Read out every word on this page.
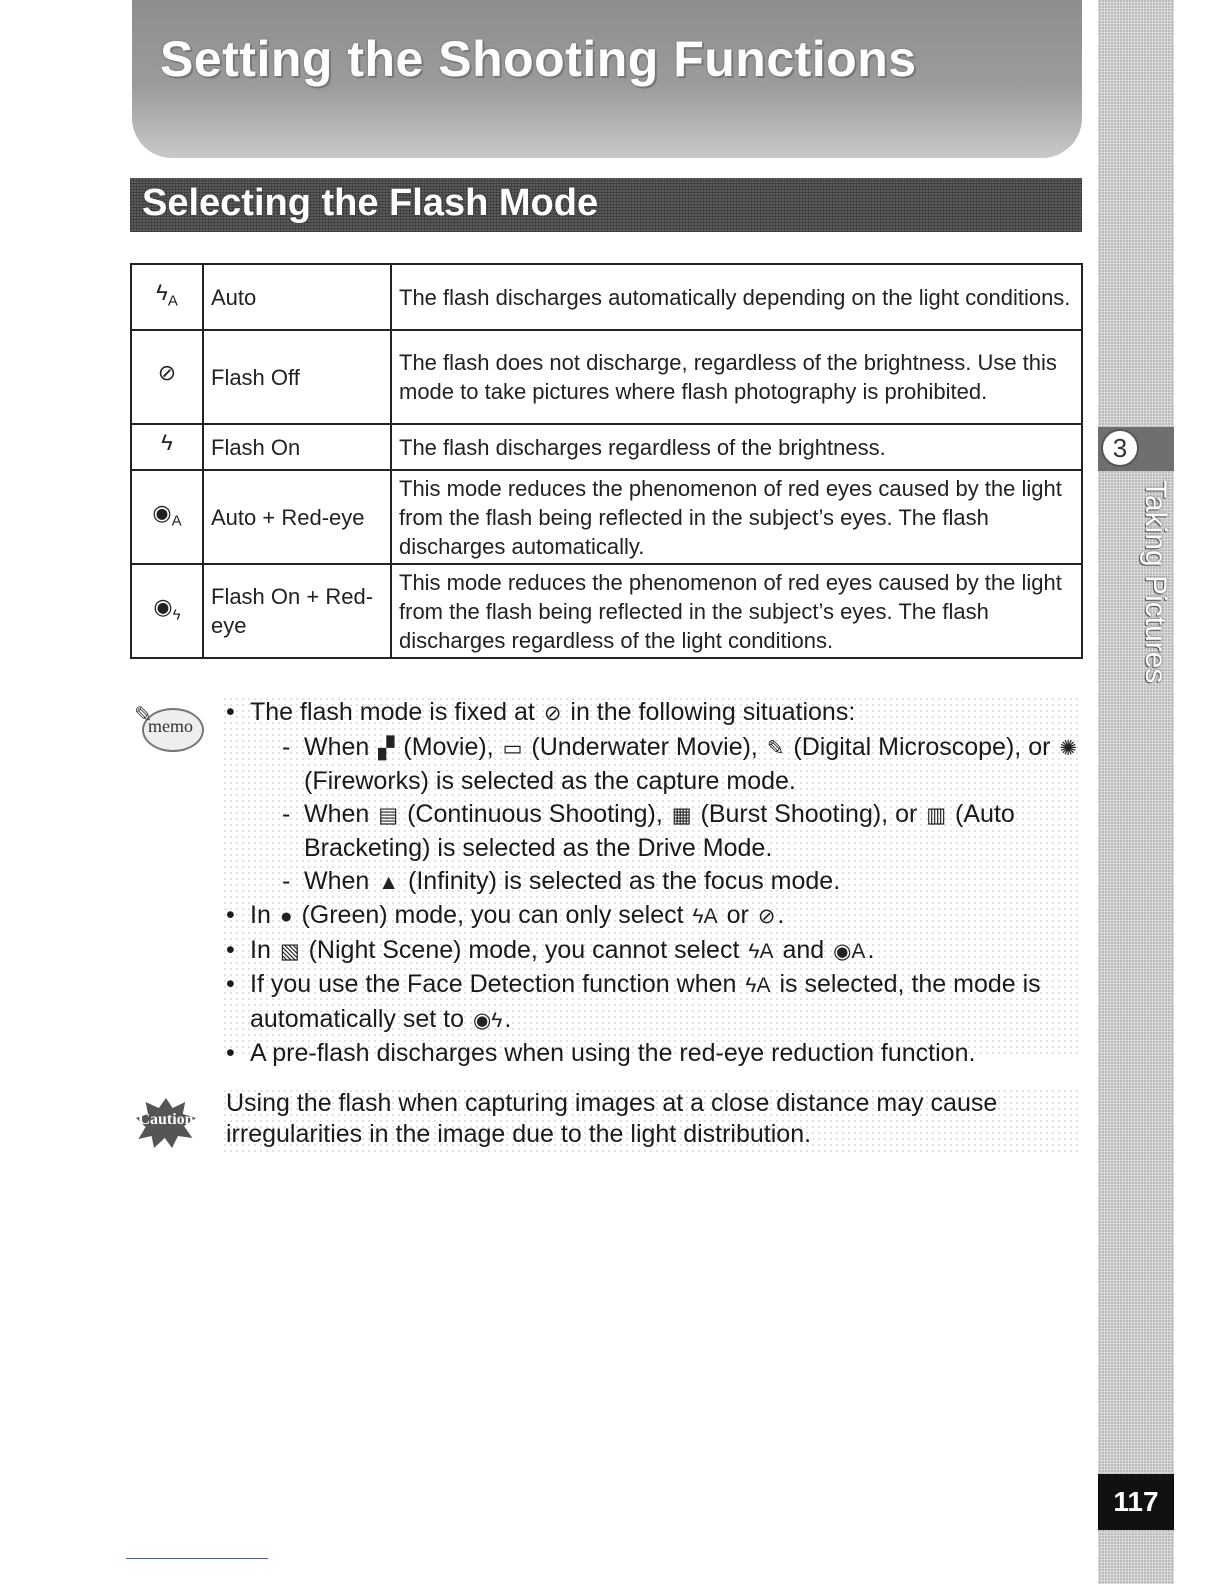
Setting the Shooting Functions
Selecting the Flash Mode
3
Taking Pictures
117
$ϟ_A$	Auto	The flash discharges automatically depending on the light conditions.
⊘	Flash Off	The flash does not discharge, regardless of the brightness. Use this mode to take pictures where flash photography is prohibited.
ϟ	Flash On	The flash discharges regardless of the brightness.
$◉_A$	Auto + Red-eye	This mode reduces the phenomenon of red eyes caused by the light from the flash being reflected in the subject’s eyes. The flash discharges automatically.
$◉_ϟ$	Flash On + Red-eye	This mode reduces the phenomenon of red eyes caused by the light from the flash being reflected in the subject’s eyes. The flash discharges regardless of the light conditions.
✎
memo	• The flash mode is fixed at ⊘ in the following situations:
- When ▞ (Movie), ▭ (Underwater Movie), ✎ (Digital Microscope), or ✺ (Fireworks) is selected as the capture mode.
- When ▤ (Continuous Shooting), ▦ (Burst Shooting), or ▥ (Auto Bracketing) is selected as the Drive Mode.
- When ▲ (Infinity) is selected as the focus mode.
• In ● (Green) mode, you can only select ϟA or ⊘.
• In ▧ (Night Scene) mode, you cannot select ϟA and ◉A.
• If you use the Face Detection function when ϟA is selected, the mode is automatically set to ◉ϟ.
• A pre-flash discharges when using the red-eye reduction function.
Caution

Using the flash when capturing images at a close distance may cause irregularities in the image due to the light distribution.
